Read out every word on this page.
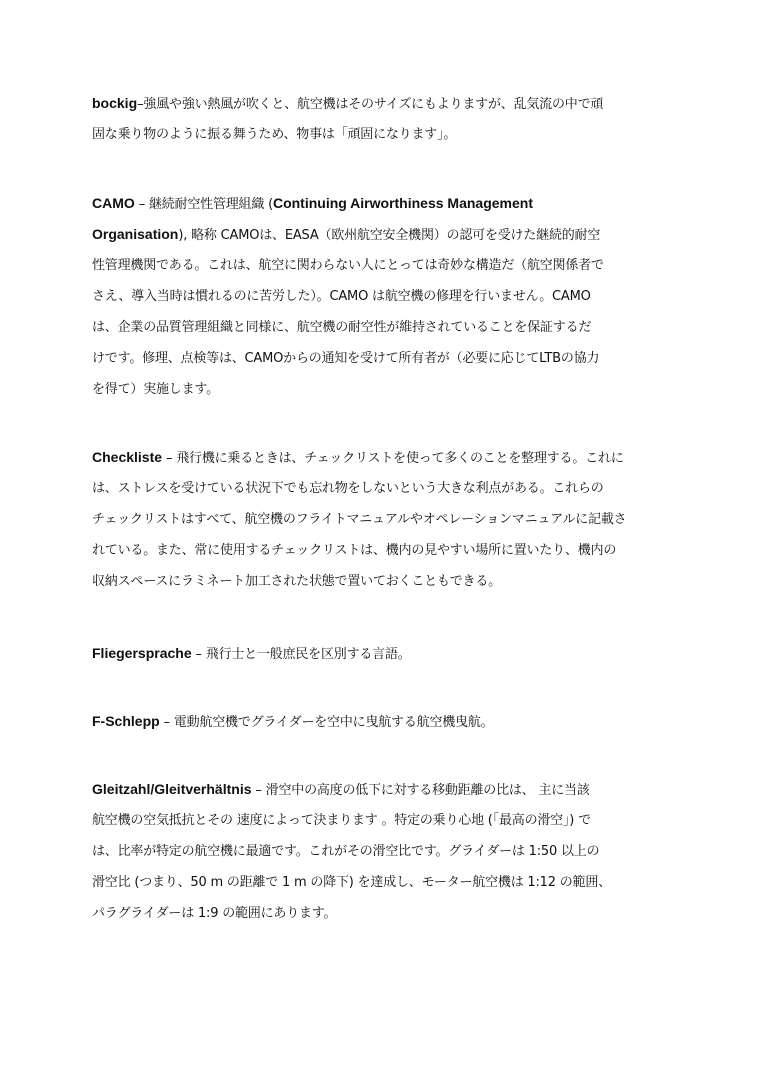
bockig–強風や強い熱風が吹くと、航空機はそのサイズにもよりますが、乱気流の中で頑
固な乗り物のように振る舞うため、物事は「頑固になります」。
CAMO – 継続耐空性管理組織 (Continuing Airworthiness Management
Organisation), 略称 CAMOは、EASA（欧州航空安全機関）の認可を受けた継続的耐空
性管理機関である。これは、航空に関わらない人にとっては奇妙な構造だ（航空関係者で
さえ、導入当時は慣れるのに苦労した）。CAMO は航空機の修理を行いません。CAMO
は、企業の品質管理組織と同様に、航空機の耐空性が維持されていることを保証するだ
けです。修理、点検等は、CAMOからの通知を受けて所有者が（必要に応じてLTBの協力
を得て）実施します。
Checkliste – 飛行機に乗るときは、チェックリストを使って多くのことを整理する。これに
は、ストレスを受けている状況下でも忘れ物をしないという大きな利点がある。これらの
チェックリストはすべて、航空機のフライトマニュアルやオペレーションマニュアルに記載さ
れている。また、常に使用するチェックリストは、機内の見やすい場所に置いたり、機内の
収納スペースにラミネート加工された状態で置いておくこともできる。
Fliegersprache – 飛行士と一般庶民を区別する言語。
F-Schlepp – 電動航空機でグライダーを空中に曳航する航空機曳航。
Gleitzahl/Gleitverhältnis – 滑空中の高度の低下に対する移動距離の比は、 主に当該
航空機の空気抵抗とその 速度によって決まります 。特定の乗り心地 (「最高の滑空」) で
は、比率が特定の航空機に最適です。これがその滑空比です。グライダーは 1:50 以上の
滑空比 (つまり、50 m の距離で 1 m の降下) を達成し、モーター航空機は 1:12 の範囲、
パラグライダーは 1:9 の範囲にあります。
